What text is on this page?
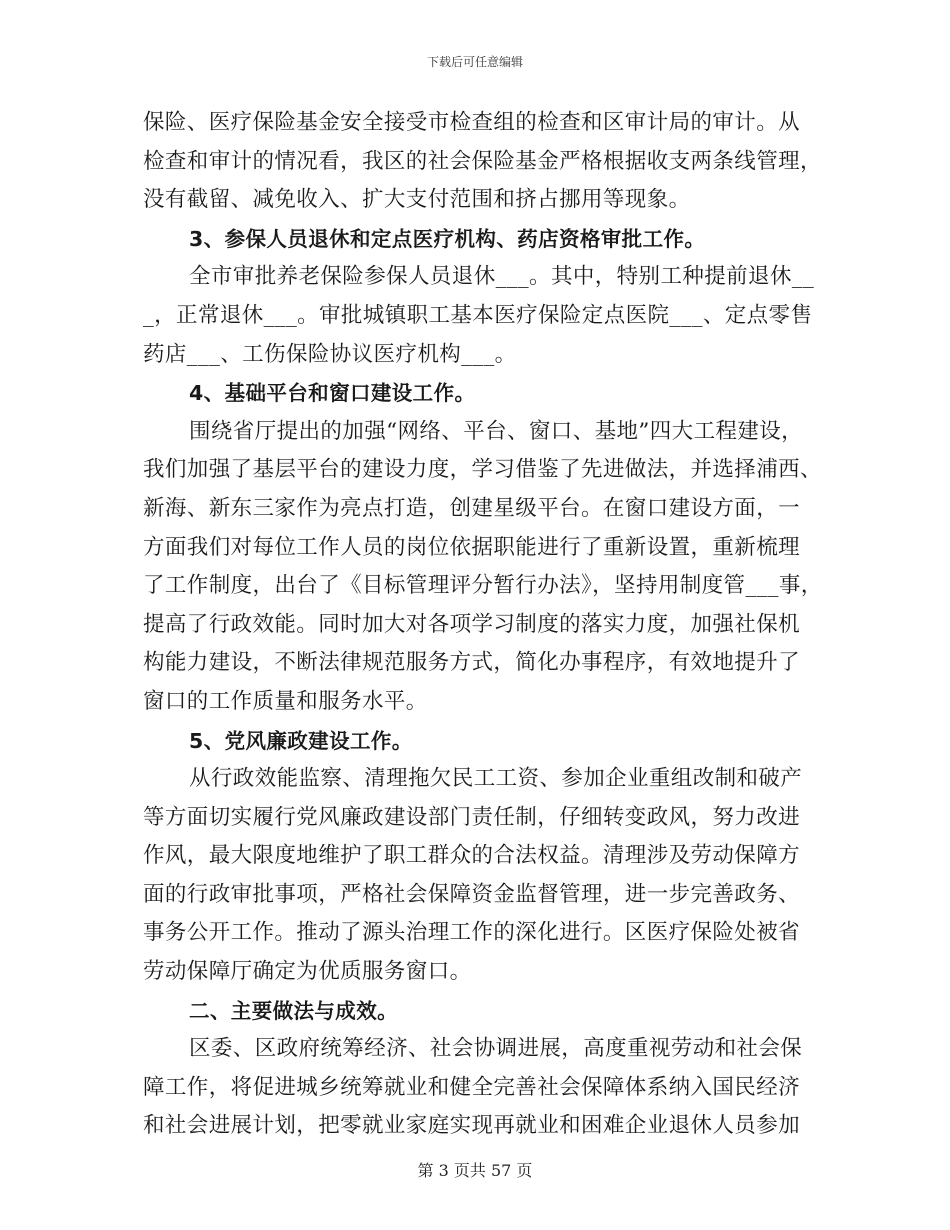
下载后可任意编辑
保险、医疗保险基金安全接受市检查组的检查和区审计局的审计。从
检查和审计的情况看，我区的社会保险基金严格根据收支两条线管理，
没有截留、减免收入、扩大支付范围和挤占挪用等现象。
3、参保人员退休和定点医疗机构、药店资格审批工作。
全市审批养老保险参保人员退休___。其中，特别工种提前退休__
_，正常退休___。审批城镇职工基本医疗保险定点医院___、定点零售
药店___、工伤保险协议医疗机构___。
4、基础平台和窗口建设工作。
围绕省厅提出的加强“网络、平台、窗口、基地”四大工程建设，
我们加强了基层平台的建设力度，学习借鉴了先进做法，并选择浦西、
新海、新东三家作为亮点打造，创建星级平台。在窗口建设方面，一
方面我们对每位工作人员的岗位依据职能进行了重新设置，重新梳理
了工作制度，出台了《目标管理评分暂行办法》，坚持用制度管___事，
提高了行政效能。同时加大对各项学习制度的落实力度，加强社保机
构能力建设，不断法律规范服务方式，简化办事程序，有效地提升了
窗口的工作质量和服务水平。
5、党风廉政建设工作。
从行政效能监察、清理拖欠民工工资、参加企业重组改制和破产
等方面切实履行党风廉政建设部门责任制，仔细转变政风，努力改进
作风，最大限度地维护了职工群众的合法权益。清理涉及劳动保障方
面的行政审批事项，严格社会保障资金监督管理，进一步完善政务、
事务公开工作。推动了源头治理工作的深化进行。区医疗保险处被省
劳动保障厅确定为优质服务窗口。
二、主要做法与成效。
区委、区政府统筹经济、社会协调进展，高度重视劳动和社会保
障工作，将促进城乡统筹就业和健全完善社会保障体系纳入国民经济
和社会进展计划，把零就业家庭实现再就业和困难企业退休人员参加
第 3 页共 57 页
